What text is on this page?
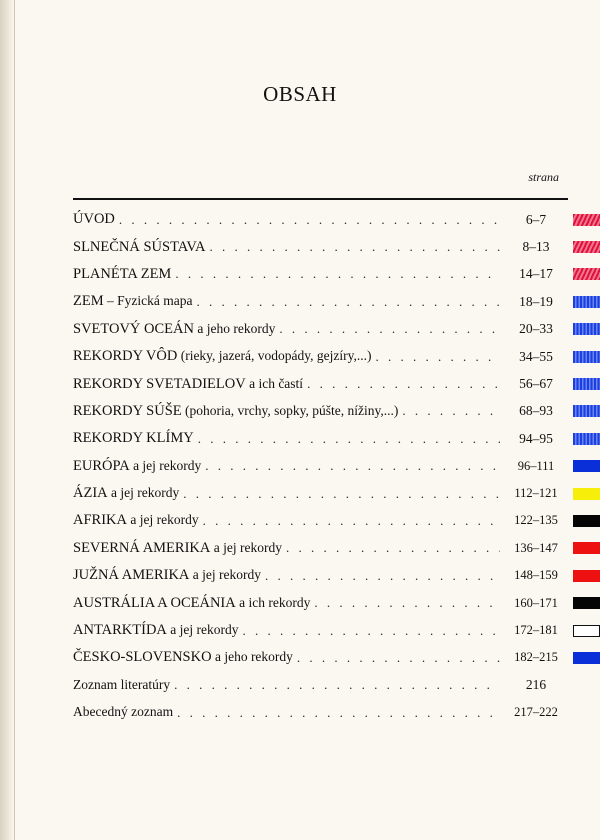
OBSAH
strana
ÚVOD . . .	6–7
SLNEČNÁ SÚSTAVA . . .	8–13
PLANÉTA ZEM . . .	14–17
ZEM – Fyzická mapa . . .	18–19
SVETOVÝ OCEÁN a jeho rekordy . . .	20–33
REKORDY VÔD (rieky, jazerá, vodopády, gejzíry,...) . . .	34–55
REKORDY SVETADIELOV a ich častí . . .	56–67
REKORDY SÚŠE (pohoria, vrchy, sopky, púšte, nížiny,...) . . .	68–93
REKORDY KLÍMY . . .	94–95
EURÓPA a jej rekordy . . .	96–111
ÁZIA a jej rekordy . . .	112–121
AFRIKA a jej rekordy . . .	122–135
SEVERNÁ AMERIKA a jej rekordy . . .	136–147
JUŽNÁ AMERIKA a jej rekordy . . .	148–159
AUSTRÁLIA A OCEÁNIA a ich rekordy . . .	160–171
ANTARKTÍDA a jej rekordy . . .	172–181
ČESKO-SLOVENSKO a jeho rekordy . . .	182–215
Zoznam literatúry . . .	216
Abecedný zoznam . . .	217–222
